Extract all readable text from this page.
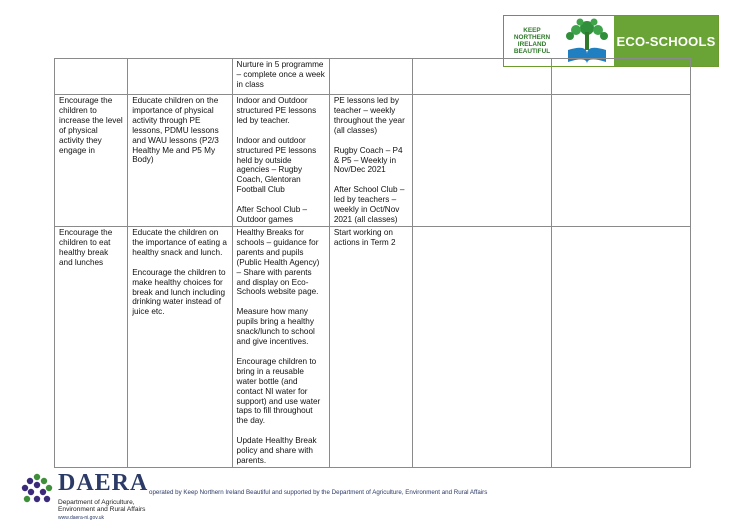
KEEP
NORTHERN
IRELAND
BEAUTIFUL
ECO-SCHOOLS

		Nurture in 5 programme – complete once a week in class			

Encourage the children to increase the level of physical activity they engage in	Educate children on the importance of physical activity through PE lessons, PDMU lessons and WAU lessons (P2/3 Healthy Me and P5 My Body)	Indoor and Outdoor structured PE lessons led by teacher.
Indoor and outdoor structured PE lessons held by outside agencies – Rugby Coach, Glentoran Football Club
After School Club – Outdoor games	PE lessons led by teacher – weekly throughout the year (all classes)
Rugby Coach – P4 & P5 – Weekly in Nov/Dec 2021
After School Club – led by teachers – weekly in Oct/Nov 2021 (all classes)		

Encourage the children to eat healthy break and lunches	Educate the children on the importance of eating a healthy snack and lunch.
Encourage the children to make healthy choices for break and lunch including drinking water instead of juice etc.	Healthy Breaks for schools – guidance for parents and pupils (Public Health Agency) – Share with parents and display on Eco- Schools website page.
Measure how many pupils bring a healthy snack/lunch to school and give incentives.
Encourage children to bring in a reusable water bottle (and contact NI water for support) and use water taps to fill throughout the day.
Update Healthy Break policy and share with parents.	Start working on actions in Term 2		

DAERA
Department of Agriculture, Environment and Rural Affairs
www.daera-ni.gov.uk
operated by Keep Northern Ireland Beautiful and supported by the Department of Agriculture, Environment and Rural Affairs
